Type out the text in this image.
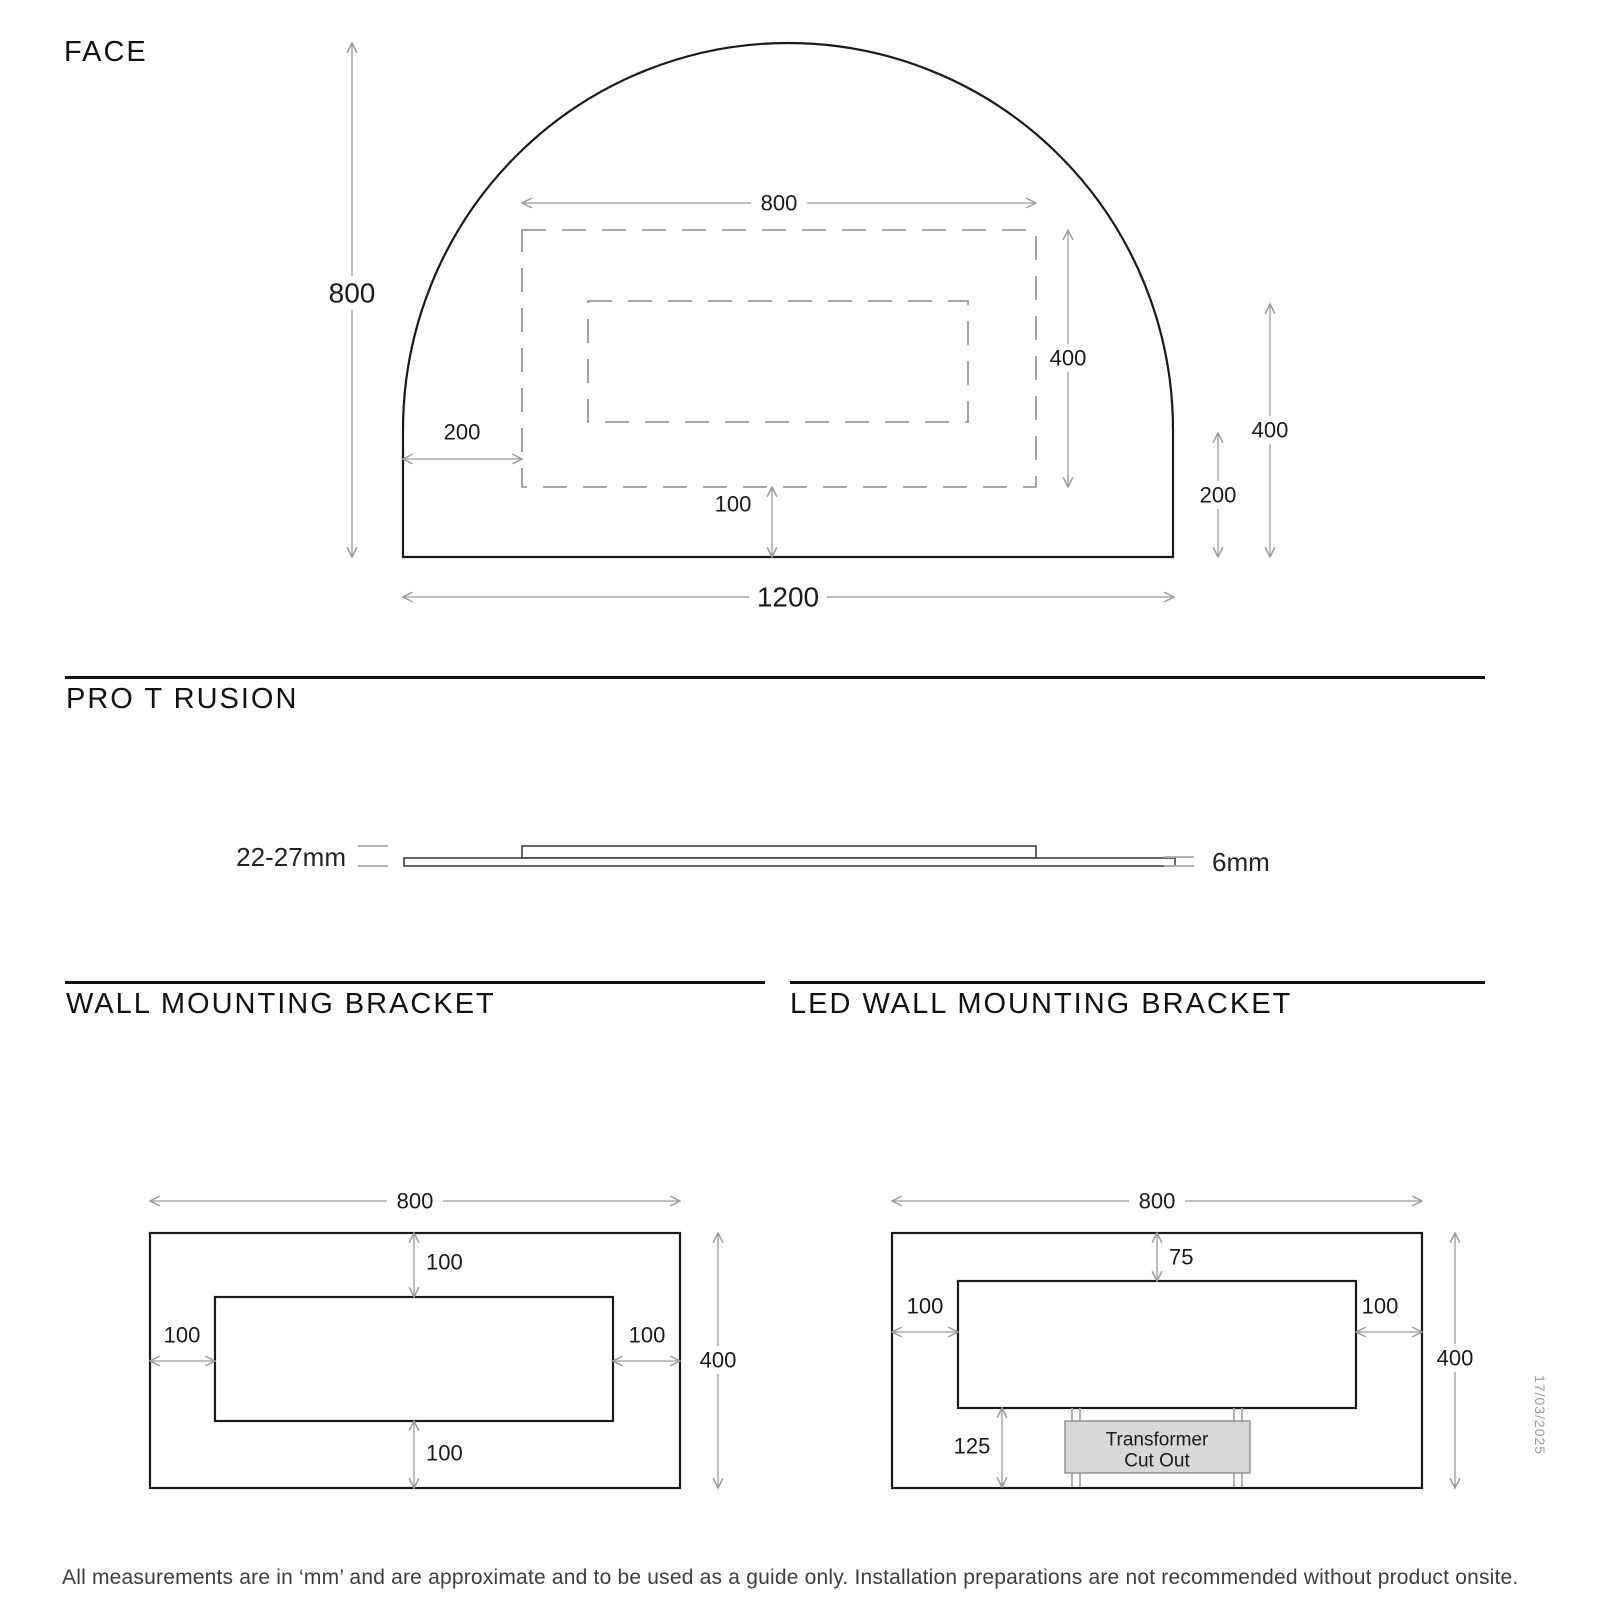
FACE
PRO T RUSION
WALL MOUNTING BRACKET	LED WALL MOUNTING BRACKET
800
800
400
200
100	200
400
1200
22-27mm	6mm
800
400
100
100
100	100
Transformer
Cut Out
800
400
75
100	100
125	17/03/2025
All measurements are in ‘mm’ and are approximate and to be used as a guide only. Installation preparations are not recommended without product onsite.
